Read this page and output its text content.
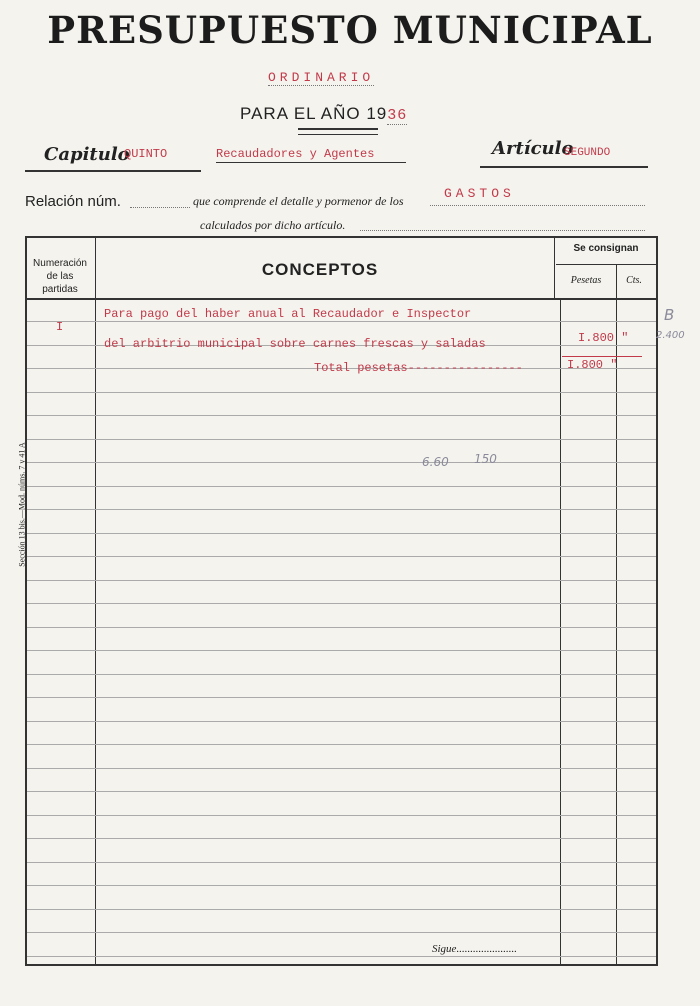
PRESUPUESTO MUNICIPAL
ORDINARIO
PARA EL AÑO 1936
Capitulo
QUINTO	Recaudadores y Agentes	Artículo
SEGUNDO
Relación núm.	que comprende el detalle y pormenor de los	GASTOS
calculados por dicho artículo.
Numeración de las partidas
CONCEPTOS
Se consignan
Pesetas	Cts.
I
Para pago del haber anual al Recaudador e Inspector
del arbitrio municipal sobre carnes frescas y saladas	I.800 "
Total pesetas----------------	I.800 "
B
2.400
6.60 150
Sigue......................
Sección 13 bis.—Mod. núms. 7 y 41 A
